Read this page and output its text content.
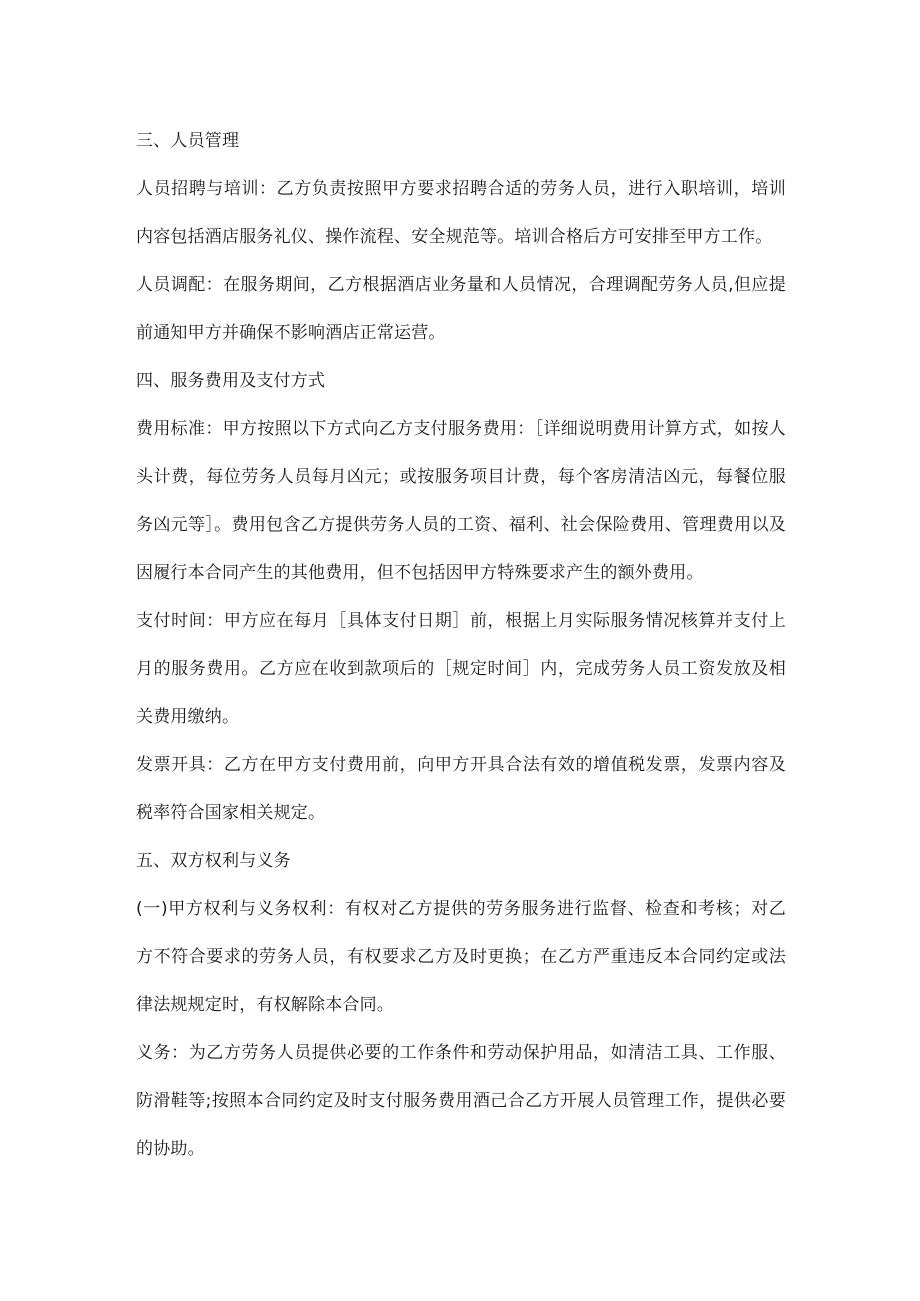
三、人员管理

人员招聘与培训：乙方负责按照甲方要求招聘合适的劳务人员，进行入职培训，培训内容包括酒店服务礼仪、操作流程、安全规范等。培训合格后方可安排至甲方工作。

人员调配：在服务期间，乙方根据酒店业务量和人员情况，合理调配劳务人员,但应提前通知甲方并确保不影响酒店正常运营。

四、服务费用及支付方式

费用标准：甲方按照以下方式向乙方支付服务费用：［详细说明费用计算方式，如按人头计费，每位劳务人员每月凶元；或按服务项目计费，每个客房清洁凶元，每餐位服务凶元等］。费用包含乙方提供劳务人员的工资、福利、社会保险费用、管理费用以及因履行本合同产生的其他费用，但不包括因甲方特殊要求产生的额外费用。

支付时间：甲方应在每月［具体支付日期］前，根据上月实际服务情况核算并支付上月的服务费用。乙方应在收到款项后的［规定时间］内，完成劳务人员工资发放及相关费用缴纳。

发票开具：乙方在甲方支付费用前，向甲方开具合法有效的增值税发票，发票内容及税率符合国家相关规定。

五、双方权利与义务

(一)甲方权利与义务权利：有权对乙方提供的劳务服务进行监督、检查和考核；对乙方不符合要求的劳务人员，有权要求乙方及时更换；在乙方严重违反本合同约定或法律法规规定时，有权解除本合同。

义务：为乙方劳务人员提供必要的工作条件和劳动保护用品，如清洁工具、工作服、防滑鞋等;按照本合同约定及时支付服务费用酒己合乙方开展人员管理工作，提供必要的协助。
